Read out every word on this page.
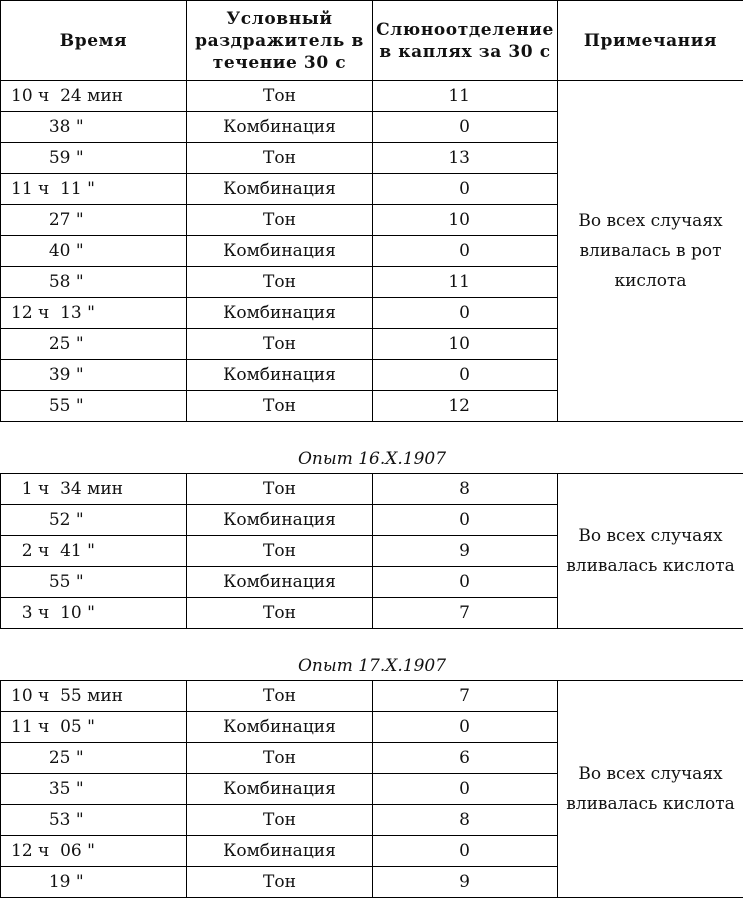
Время	Условный раздражитель в течение 30 с	Слюноотделение в каплях за 30 с	Примечания
10 ч  24 мин	Тон	11	Во всех случаях вливалась в рот кислота
38 "	Комбинация	0	
59 "	Тон	13	
11 ч  11 "	Комбинация	0	
27 "	Тон	10	
40 "	Комбинация	0	
58 "	Тон	11	
12 ч  13 "	Комбинация	0	
25 "	Тон	10	
39 "	Комбинация	0	
55 "	Тон	12	
Опыт 16.X.1907			
1 ч  34 мин	Тон	8	Во всех случаях вливалась кислота
52 "	Комбинация	0	
2 ч  41 "	Тон	9	
55 "	Комбинация	0	
3 ч  10 "	Тон	7	
Опыт 17.X.1907			
10 ч  55 мин	Тон	7	Во всех случаях вливалась кислота
11 ч  05 "	Комбинация	0	
25 "	Тон	6	
35 "	Комбинация	0	
53 "	Тон	8	
12 ч  06 "	Комбинация	0	
19 "	Тон	9	
